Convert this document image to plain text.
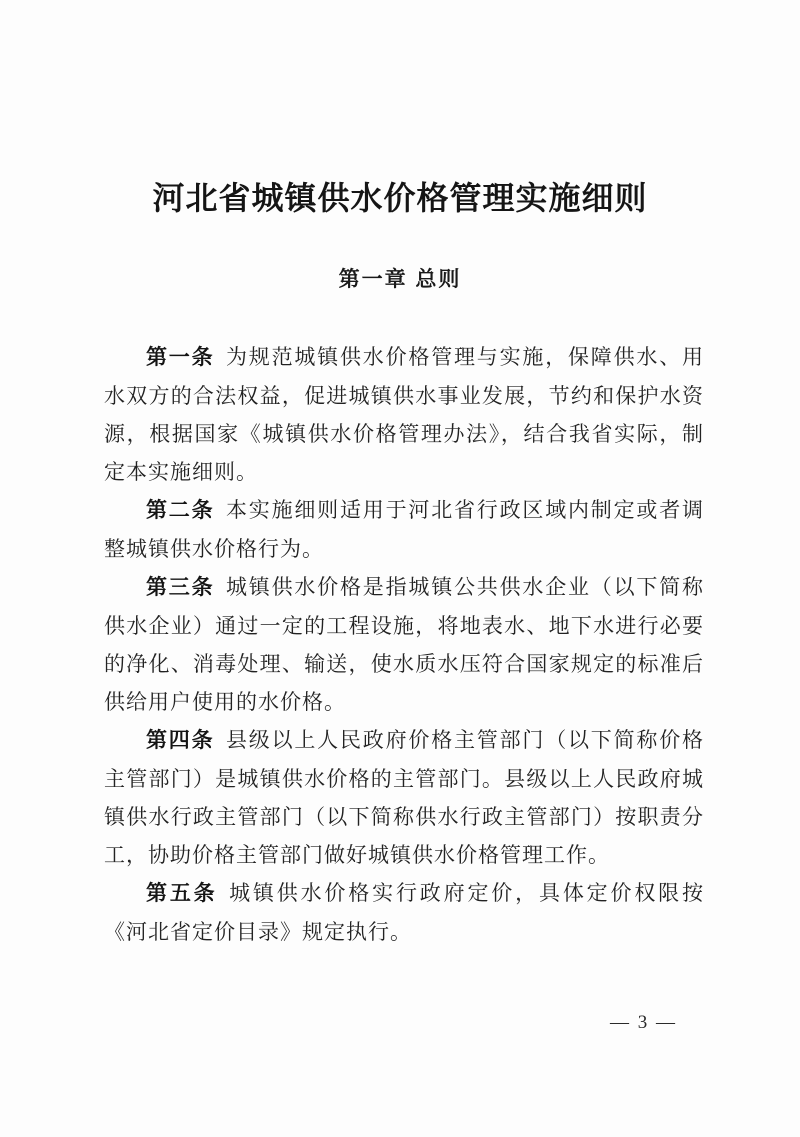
河北省城镇供水价格管理实施细则
第一章 总则

第一条 为规范城镇供水价格管理与实施，保障供水、用水双方的合法权益，促进城镇供水事业发展，节约和保护水资源，根据国家《城镇供水价格管理办法》，结合我省实际，制定本实施细则。

第二条 本实施细则适用于河北省行政区域内制定或者调整城镇供水价格行为。

第三条 城镇供水价格是指城镇公共供水企业（以下简称供水企业）通过一定的工程设施，将地表水、地下水进行必要的净化、消毒处理、输送，使水质水压符合国家规定的标准后供给用户使用的水价格。

第四条 县级以上人民政府价格主管部门（以下简称价格主管部门）是城镇供水价格的主管部门。县级以上人民政府城镇供水行政主管部门（以下简称供水行政主管部门）按职责分工，协助价格主管部门做好城镇供水价格管理工作。

第五条 城镇供水价格实行政府定价，具体定价权限按《河北省定价目录》规定执行。

— 3 —
